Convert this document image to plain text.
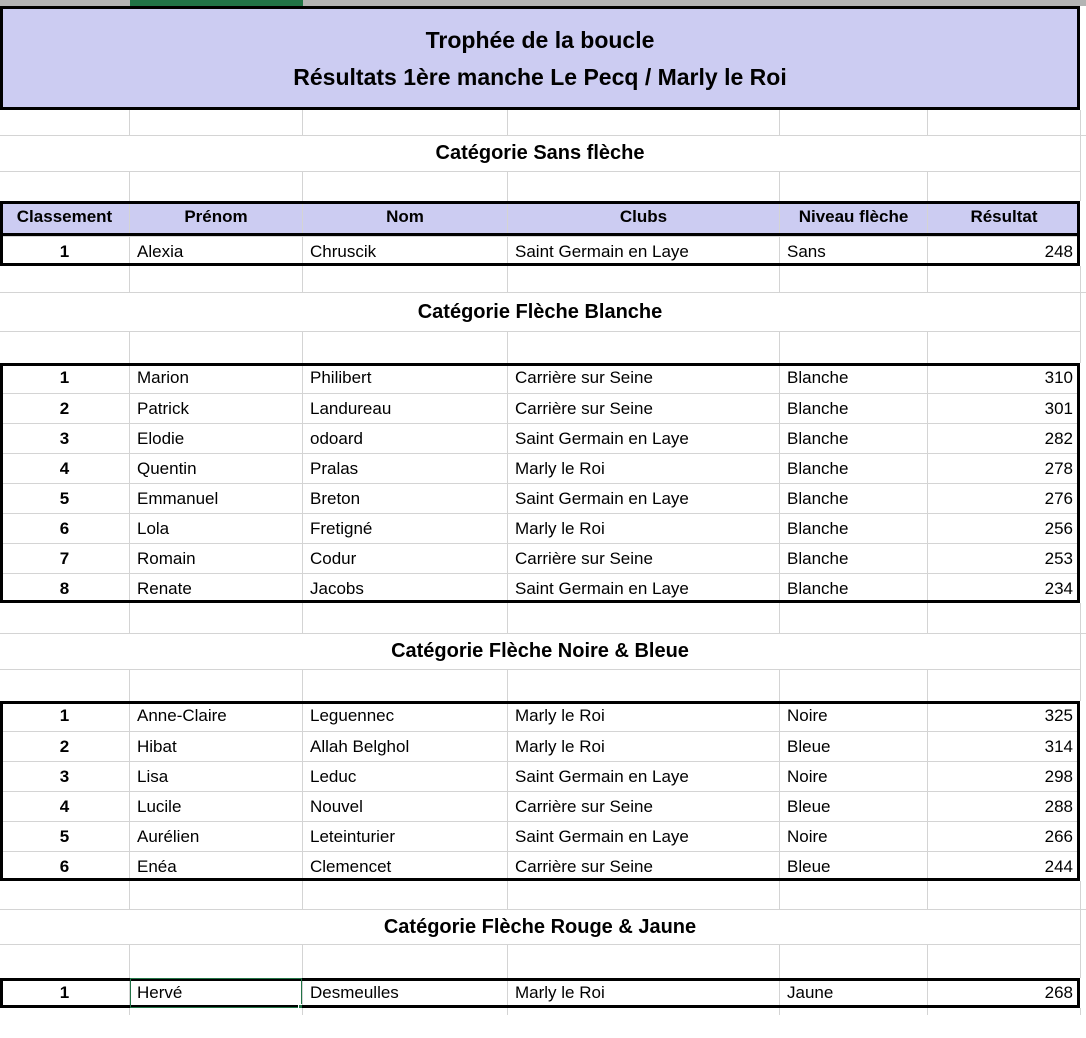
Trophée de la boucle
Résultats 1ère manche Le Pecq / Marly le Roi
Catégorie Sans flèche
Classement	Prénom	Nom	Clubs	Niveau flèche	Résultat
1	Alexia	Chruscik	Saint Germain en Laye	Sans	248
Catégorie Flèche Blanche
1	Marion	Philibert	Carrière sur Seine	Blanche	310
2	Patrick	Landureau	Carrière sur Seine	Blanche	301
3	Elodie	odoard	Saint Germain en Laye	Blanche	282
4	Quentin	Pralas	Marly le Roi	Blanche	278
5	Emmanuel	Breton	Saint Germain en Laye	Blanche	276
6	Lola	Fretigné	Marly le Roi	Blanche	256
7	Romain	Codur	Carrière sur Seine	Blanche	253
8	Renate	Jacobs	Saint Germain en Laye	Blanche	234
Catégorie Flèche Noire & Bleue
1	Anne-Claire	Leguennec	Marly le Roi	Noire	325
2	Hibat	Allah Belghol	Marly le Roi	Bleue	314
3	Lisa	Leduc	Saint Germain en Laye	Noire	298
4	Lucile	Nouvel	Carrière sur Seine	Bleue	288
5	Aurélien	Leteinturier	Saint Germain en Laye	Noire	266
6	Enéa	Clemencet	Carrière sur Seine	Bleue	244
Catégorie Flèche Rouge & Jaune
1	Hervé	Desmeulles	Marly le Roi	Jaune	268
